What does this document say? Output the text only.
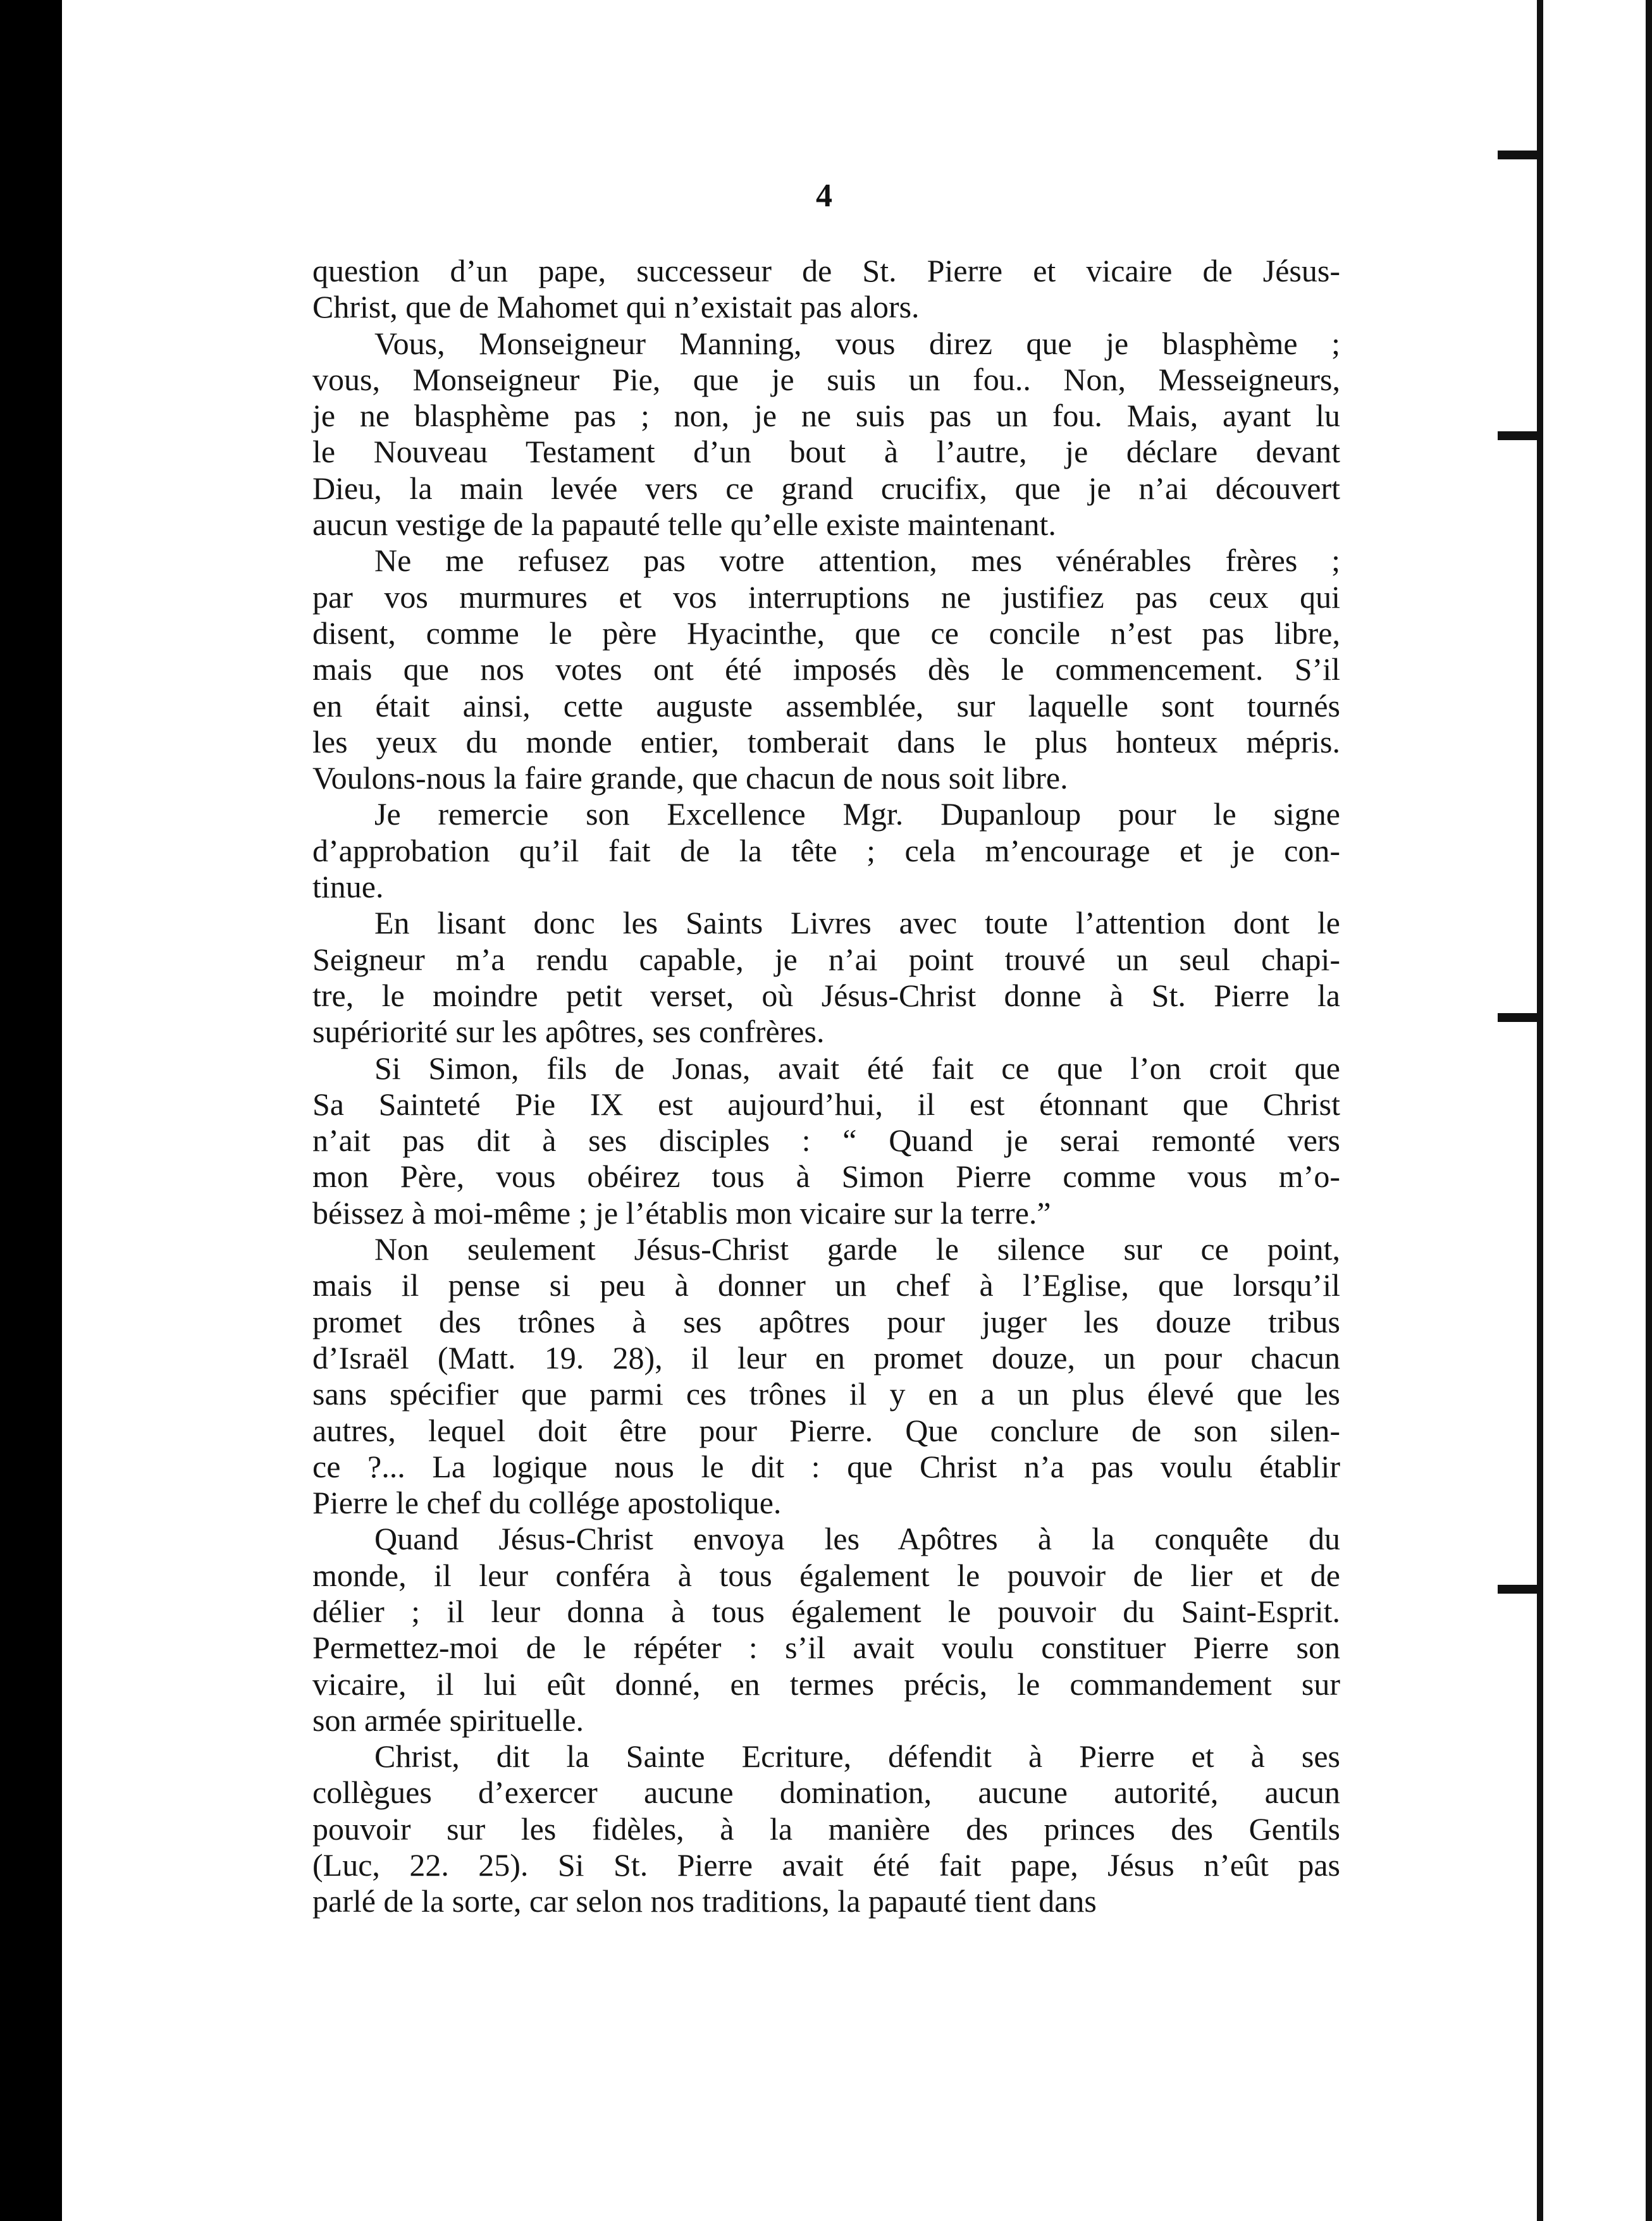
4
question d’un pape, successeur de St. Pierre et vicaire de Jésus-
Christ, que de Mahomet qui n’existait pas alors.
Vous, Monseigneur Manning, vous direz que je blasphème ;
vous, Monseigneur Pie, que je suis un fou.. Non, Messeigneurs,
je ne blasphème pas ; non, je ne suis pas un fou. Mais, ayant lu
le Nouveau Testament d’un bout à l’autre, je déclare devant
Dieu, la main levée vers ce grand crucifix, que je n’ai découvert
aucun vestige de la papauté telle qu’elle existe maintenant.
Ne me refusez pas votre attention, mes vénérables frères ;
par vos murmures et vos interruptions ne justifiez pas ceux qui
disent, comme le père Hyacinthe, que ce concile n’est pas libre,
mais que nos votes ont été imposés dès le commencement. S’il
en était ainsi, cette auguste assemblée, sur laquelle sont tournés
les yeux du monde entier, tomberait dans le plus honteux mépris.
Voulons-nous la faire grande, que chacun de nous soit libre.
Je remercie son Excellence Mgr. Dupanloup pour le signe
d’approbation qu’il fait de la tête ; cela m’encourage et je con-
tinue.
En lisant donc les Saints Livres avec toute l’attention dont le
Seigneur m’a rendu capable, je n’ai point trouvé un seul chapi-
tre, le moindre petit verset, où Jésus-Christ donne à St. Pierre la
supériorité sur les apôtres, ses confrères.
Si Simon, fils de Jonas, avait été fait ce que l’on croit que
Sa Sainteté Pie IX est aujourd’hui, il est étonnant que Christ
n’ait pas dit à ses disciples : “ Quand je serai remonté vers
mon Père, vous obéirez tous à Simon Pierre comme vous m’o-
béissez à moi-même ; je l’établis mon vicaire sur la terre.”
Non seulement Jésus-Christ garde le silence sur ce point,
mais il pense si peu à donner un chef à l’Eglise, que lorsqu’il
promet des trônes à ses apôtres pour juger les douze tribus
d’Israël (Matt. 19. 28), il leur en promet douze, un pour chacun
sans spécifier que parmi ces trônes il y en a un plus élevé que les
autres, lequel doit être pour Pierre. Que conclure de son silen-
ce ?... La logique nous le dit : que Christ n’a pas voulu établir
Pierre le chef du collége apostolique.
Quand Jésus-Christ envoya les Apôtres à la conquête du
monde, il leur conféra à tous également le pouvoir de lier et de
délier ; il leur donna à tous également le pouvoir du Saint-Esprit.
Permettez-moi de le répéter : s’il avait voulu constituer Pierre son
vicaire, il lui eût donné, en termes précis, le commandement sur
son armée spirituelle.
Christ, dit la Sainte Ecriture, défendit à Pierre et à ses
collègues d’exercer aucune domination, aucune autorité, aucun
pouvoir sur les fidèles, à la manière des princes des Gentils
(Luc, 22. 25). Si St. Pierre avait été fait pape, Jésus n’eût pas
parlé de la sorte, car selon nos traditions, la papauté tient dans
